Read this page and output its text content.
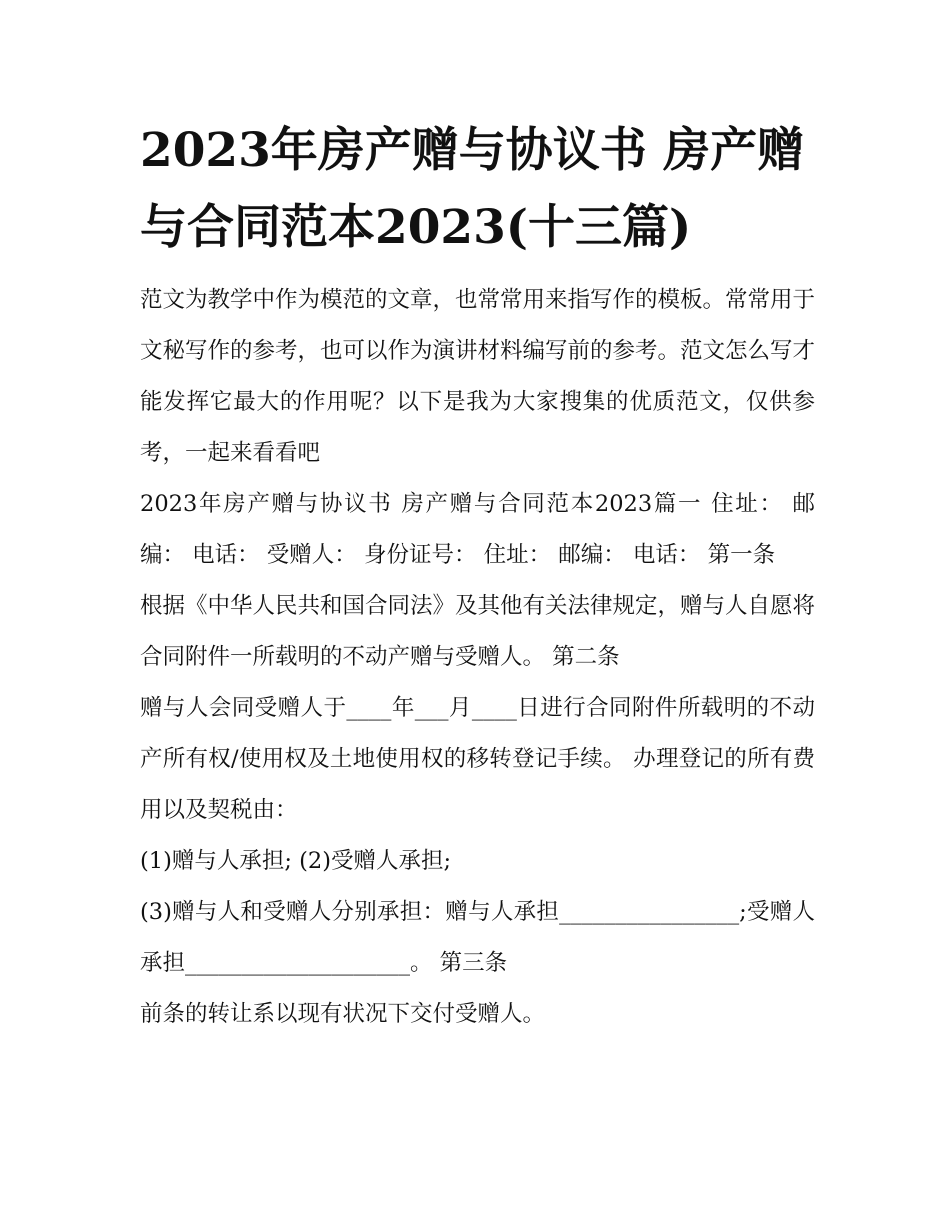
2023年房产赠与协议书 房产赠与合同范本2023(十三篇)

范文为教学中作为模范的文章，也常常用来指写作的模板。常常用于文秘写作的参考，也可以作为演讲材料编写前的参考。范文怎么写才能发挥它最大的作用呢？以下是我为大家搜集的优质范文，仅供参考，一起来看看吧

2023年房产赠与协议书 房产赠与合同范本2023篇一 住址： 邮编： 电话： 受赠人： 身份证号： 住址： 邮编： 电话： 第一条

根据《中华人民共和国合同法》及其他有关法律规定，赠与人自愿将合同附件一所载明的不动产赠与受赠人。 第二条

赠与人会同受赠人于____年___月____日进行合同附件所载明的不动产所有权/使用权及土地使用权的移转登记手续。 办理登记的所有费用以及契税由：

(1)赠与人承担; (2)受赠人承担;

(3)赠与人和受赠人分别承担：赠与人承担________________;受赠人承担____________________。 第三条

前条的转让系以现有状况下交付受赠人。
